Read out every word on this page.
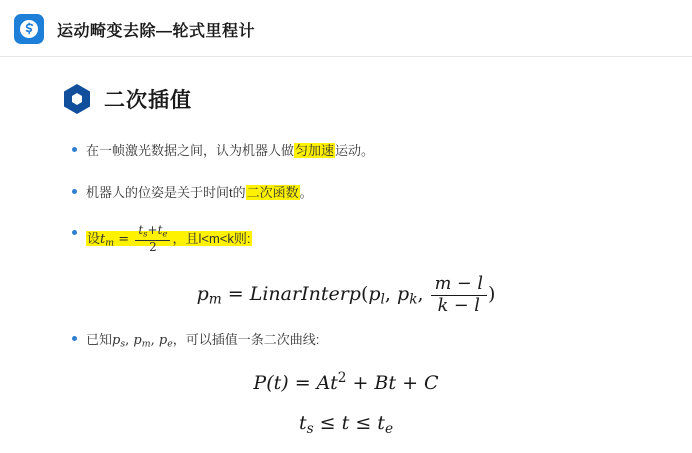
运动畸变去除—轮式里程计
二次插值
在一帧激光数据之间，认为机器人做匀加速运动。
机器人的位姿是关于时间t的二次函数。
设$t_m = \frac{t_s+t_e}{2}$ ，且l<m<k则:
$p_m$ = $LinarInterp(p_l$, $p_k$, $\frac{m - l}{k - l}$ )
已知$p_s$, $p_m$, $p_e$，可以插值一条二次曲线:
$P(t) = At^2 + Bt + C$
$t_s \le t \le t_e$
